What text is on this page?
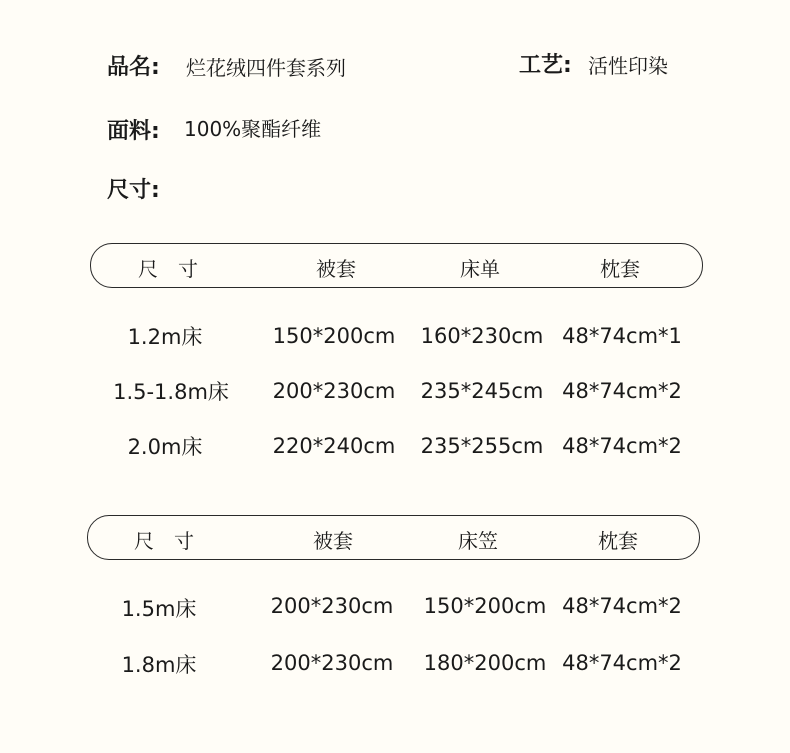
品名: 烂花绒四件套系列	工艺: 活性印染
面料: 100%聚酯纤维
尺寸:
尺　寸	被套	床单	枕套
1.2m床	150*200cm 160*230cm 48*74cm*1
1.5-1.8m床	200*230cm 235*245cm 48*74cm*2
2.0m床	220*240cm 235*255cm 48*74cm*2
尺　寸	被套	床笠	枕套
1.5m床	200*230cm 150*200cm 48*74cm*2
1.8m床	200*230cm 180*200cm 48*74cm*2
